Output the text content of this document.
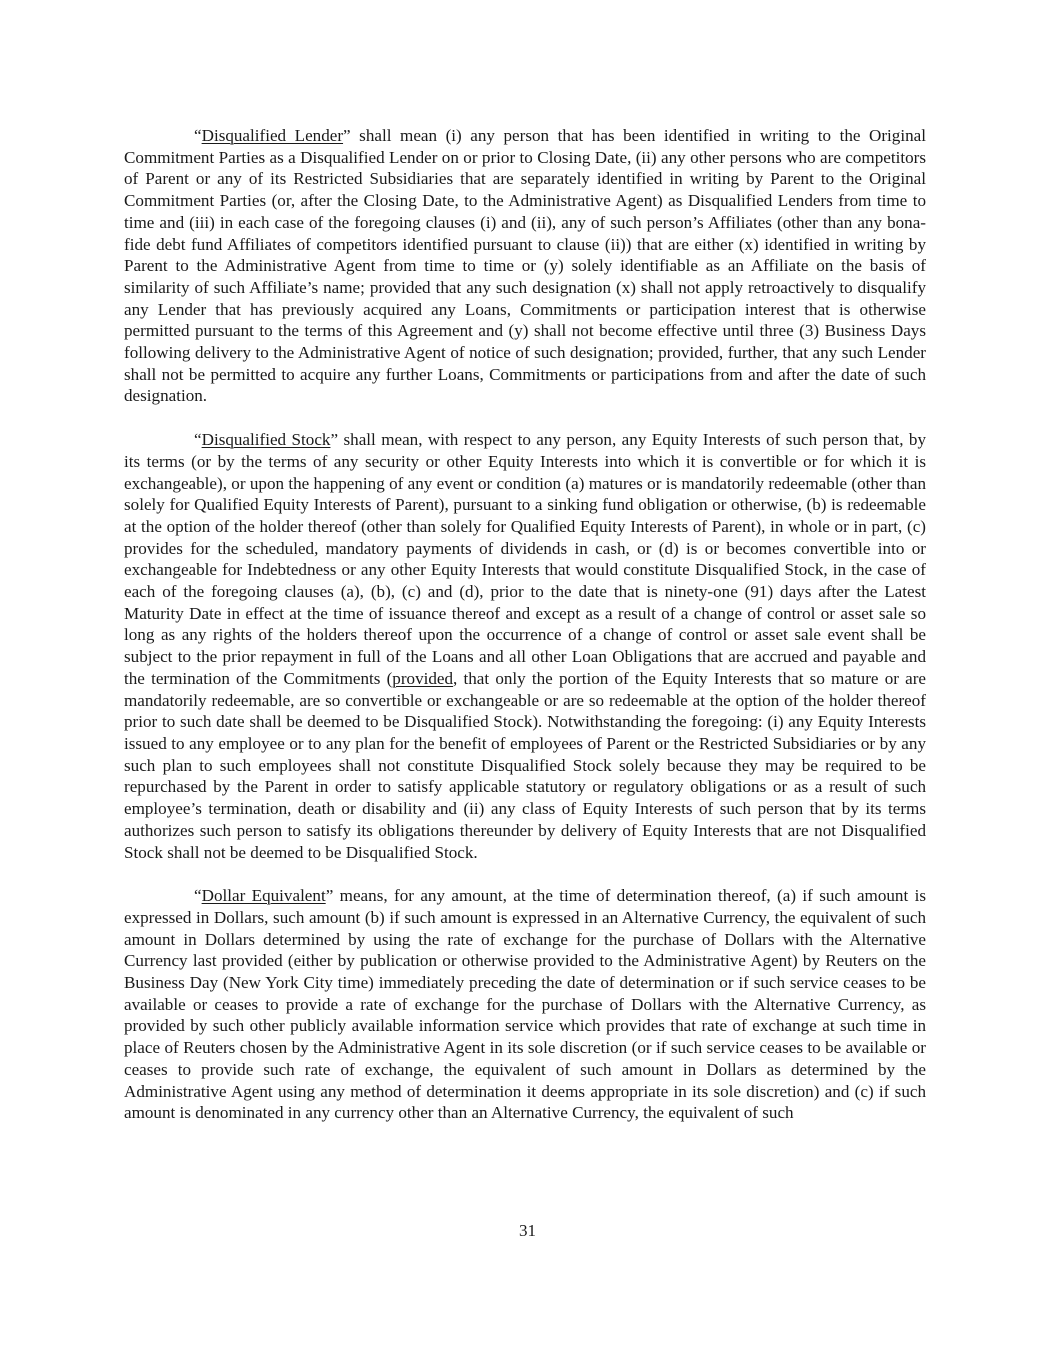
“Disqualified Lender” shall mean (i) any person that has been identified in writing to the Original Commitment Parties as a Disqualified Lender on or prior to Closing Date, (ii) any other persons who are competitors of Parent or any of its Restricted Subsidiaries that are separately identified in writing by Parent to the Original Commitment Parties (or, after the Closing Date, to the Administrative Agent) as Disqualified Lenders from time to time and (iii) in each case of the foregoing clauses (i) and (ii), any of such person’s Affiliates (other than any bona-fide debt fund Affiliates of competitors identified pursuant to clause (ii)) that are either (x) identified in writing by Parent to the Administrative Agent from time to time or (y) solely identifiable as an Affiliate on the basis of similarity of such Affiliate’s name; provided that any such designation (x) shall not apply retroactively to disqualify any Lender that has previously acquired any Loans, Commitments or participation interest that is otherwise permitted pursuant to the terms of this Agreement and (y) shall not become effective until three (3) Business Days following delivery to the Administrative Agent of notice of such designation; provided, further, that any such Lender shall not be permitted to acquire any further Loans, Commitments or participations from and after the date of such designation.

“Disqualified Stock” shall mean, with respect to any person, any Equity Interests of such person that, by its terms (or by the terms of any security or other Equity Interests into which it is convertible or for which it is exchangeable), or upon the happening of any event or condition (a) matures or is mandatorily redeemable (other than solely for Qualified Equity Interests of Parent), pursuant to a sinking fund obligation or otherwise, (b) is redeemable at the option of the holder thereof (other than solely for Qualified Equity Interests of Parent), in whole or in part, (c) provides for the scheduled, mandatory payments of dividends in cash, or (d) is or becomes convertible into or exchangeable for Indebtedness or any other Equity Interests that would constitute Disqualified Stock, in the case of each of the foregoing clauses (a), (b), (c) and (d), prior to the date that is ninety-one (91) days after the Latest Maturity Date in effect at the time of issuance thereof and except as a result of a change of control or asset sale so long as any rights of the holders thereof upon the occurrence of a change of control or asset sale event shall be subject to the prior repayment in full of the Loans and all other Loan Obligations that are accrued and payable and the termination of the Commitments (provided, that only the portion of the Equity Interests that so mature or are mandatorily redeemable, are so convertible or exchangeable or are so redeemable at the option of the holder thereof prior to such date shall be deemed to be Disqualified Stock). Notwithstanding the foregoing: (i) any Equity Interests issued to any employee or to any plan for the benefit of employees of Parent or the Restricted Subsidiaries or by any such plan to such employees shall not constitute Disqualified Stock solely because they may be required to be repurchased by the Parent in order to satisfy applicable statutory or regulatory obligations or as a result of such employee’s termination, death or disability and (ii) any class of Equity Interests of such person that by its terms authorizes such person to satisfy its obligations thereunder by delivery of Equity Interests that are not Disqualified Stock shall not be deemed to be Disqualified Stock.

“Dollar Equivalent” means, for any amount, at the time of determination thereof, (a) if such amount is expressed in Dollars, such amount (b) if such amount is expressed in an Alternative Currency, the equivalent of such amount in Dollars determined by using the rate of exchange for the purchase of Dollars with the Alternative Currency last provided (either by publication or otherwise provided to the Administrative Agent) by Reuters on the Business Day (New York City time) immediately preceding the date of determination or if such service ceases to be available or ceases to provide a rate of exchange for the purchase of Dollars with the Alternative Currency, as provided by such other publicly available information service which provides that rate of exchange at such time in place of Reuters chosen by the Administrative Agent in its sole discretion (or if such service ceases to be available or ceases to provide such rate of exchange, the equivalent of such amount in Dollars as determined by the Administrative Agent using any method of determination it deems appropriate in its sole discretion) and (c) if such amount is denominated in any currency other than an Alternative Currency, the equivalent of such

31
